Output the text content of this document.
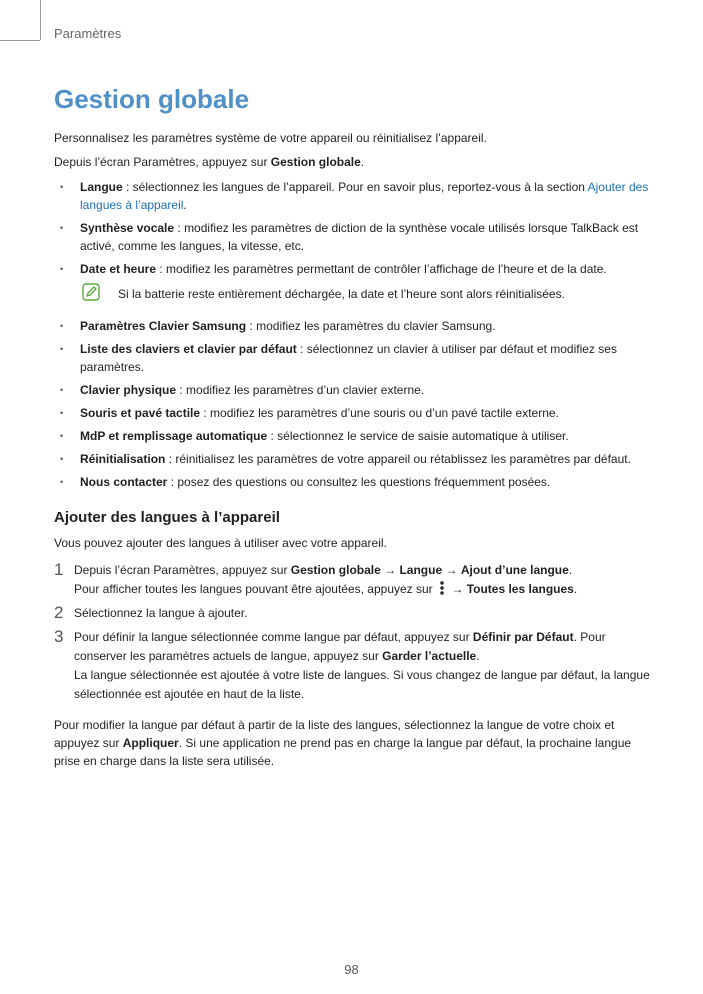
Paramètres
Gestion globale

Personnalisez les paramètres système de votre appareil ou réinitialisez l’appareil.

Depuis l’écran Paramètres, appuyez sur Gestion globale.

• Langue : sélectionnez les langues de l’appareil. Pour en savoir plus, reportez-vous à la section Ajouter des langues à l’appareil.
• Synthèse vocale : modifiez les paramètres de diction de la synthèse vocale utilisés lorsque TalkBack est activé, comme les langues, la vitesse, etc.
• Date et heure : modifiez les paramètres permettant de contrôler l’affichage de l’heure et de la date.
Si la batterie reste entièrement déchargée, la date et l’heure sont alors réinitialisées.
• Paramètres Clavier Samsung : modifiez les paramètres du clavier Samsung.
• Liste des claviers et clavier par défaut : sélectionnez un clavier à utiliser par défaut et modifiez ses paramètres.
• Clavier physique : modifiez les paramètres d’un clavier externe.
• Souris et pavé tactile : modifiez les paramètres d’une souris ou d’un pavé tactile externe.
• MdP et remplissage automatique : sélectionnez le service de saisie automatique à utiliser.
• Réinitialisation : réinitialisez les paramètres de votre appareil ou rétablissez les paramètres par défaut.
• Nous contacter : posez des questions ou consultez les questions fréquemment posées.
Ajouter des langues à l’appareil

Vous pouvez ajouter des langues à utiliser avec votre appareil.

1 Depuis l’écran Paramètres, appuyez sur Gestion globale → Langue → Ajout d’une langue.
Pour afficher toutes les langues pouvant être ajoutées, appuyez sur  → Toutes les langues.
2 Sélectionnez la langue à ajouter.
3 Pour définir la langue sélectionnée comme langue par défaut, appuyez sur Définir par Défaut. Pour conserver les paramètres actuels de langue, appuyez sur Garder l’actuelle.
La langue sélectionnée est ajoutée à votre liste de langues. Si vous changez de langue par défaut, la langue sélectionnée est ajoutée en haut de la liste.

Pour modifier la langue par défaut à partir de la liste des langues, sélectionnez la langue de votre choix et appuyez sur Appliquer. Si une application ne prend pas en charge la langue par défaut, la prochaine langue prise en charge dans la liste sera utilisée.

98
